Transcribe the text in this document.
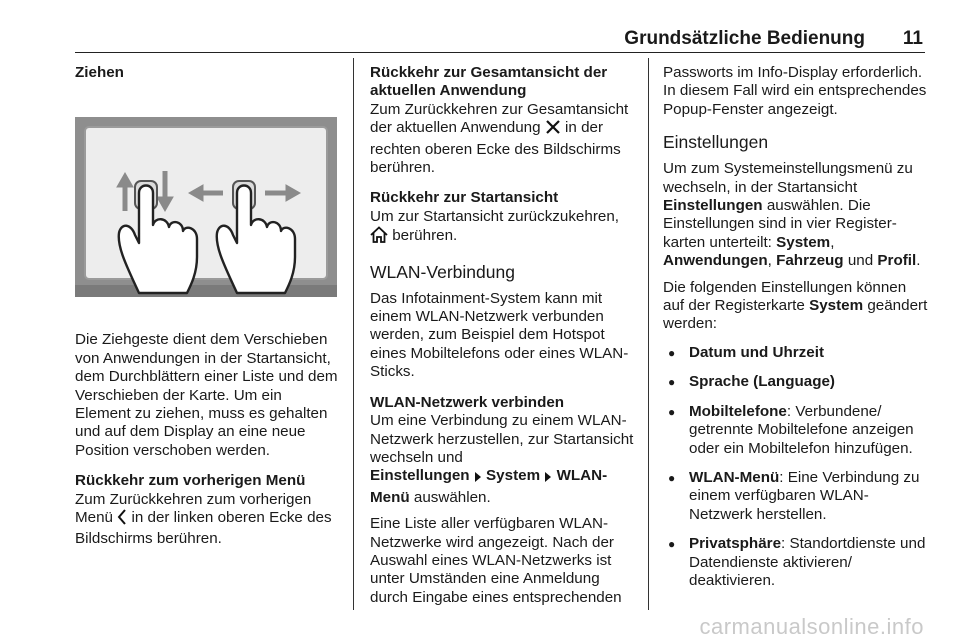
Grundsätzliche Bedienung 11
Ziehen

Die Ziehgeste dient dem Verschieben von Anwendungen in der Startansicht, dem Durchblättern einer Liste und dem Verschieben der Karte. Um ein Element zu ziehen, muss es gehalten und auf dem Display an eine neue Position verschoben werden.

Rückkehr zum vorherigen Menü

Zum Zurückkehren zum vorherigen Menü in der linken oberen Ecke des Bildschirms berühren.

Rückkehr zur Gesamtansicht der aktuellen Anwendung

Zum Zurückkehren zur Gesamtansicht der aktuellen Anwendung in der rechten oberen Ecke des Bildschirms berühren.

Rückkehr zur Startansicht

Um zur Startansicht zurückzukehren,  berühren.

WLAN-Verbindung

Das Infotainment-System kann mit einem WLAN-Netzwerk verbunden werden, zum Beispiel dem Hotspot eines Mobiltelefons oder eines WLAN-Sticks.

WLAN-Netzwerk verbinden

Um eine Verbindung zu einem WLAN-Netzwerk herzustellen, zur Startansicht wechseln und
Einstellungen System WLAN-Menü auswählen.

Eine Liste aller verfügbaren WLAN-Netzwerke wird angezeigt. Nach der Auswahl eines WLAN-Netzwerks ist unter Umständen eine Anmeldung durch Eingabe eines entsprechenden

Passworts im Info-Display erforderlich. In diesem Fall wird ein entsprechendes Popup-Fenster angezeigt.

Einstellungen

Um zum Systemeinstellungsmenü zu wechseln, in der Startansicht Einstellungen auswählen. Die Einstellungen sind in vier Registerkarten unterteilt: System, Anwendungen, Fahrzeug und Profil.

Die folgenden Einstellungen können auf der Registerkarte System geändert werden:

● Datum und Uhrzeit
● Sprache (Language)
● Mobiltelefone: Verbundene/ getrennte Mobiltelefone anzeigen oder ein Mobiltelefon hinzufügen.
● WLAN-Menü: Eine Verbindung zu einem verfügbaren WLAN-Netzwerk herstellen.
● Privatsphäre: Standortdienste und Datendienste aktivieren/ deaktivieren.
carmanualsonline.info
